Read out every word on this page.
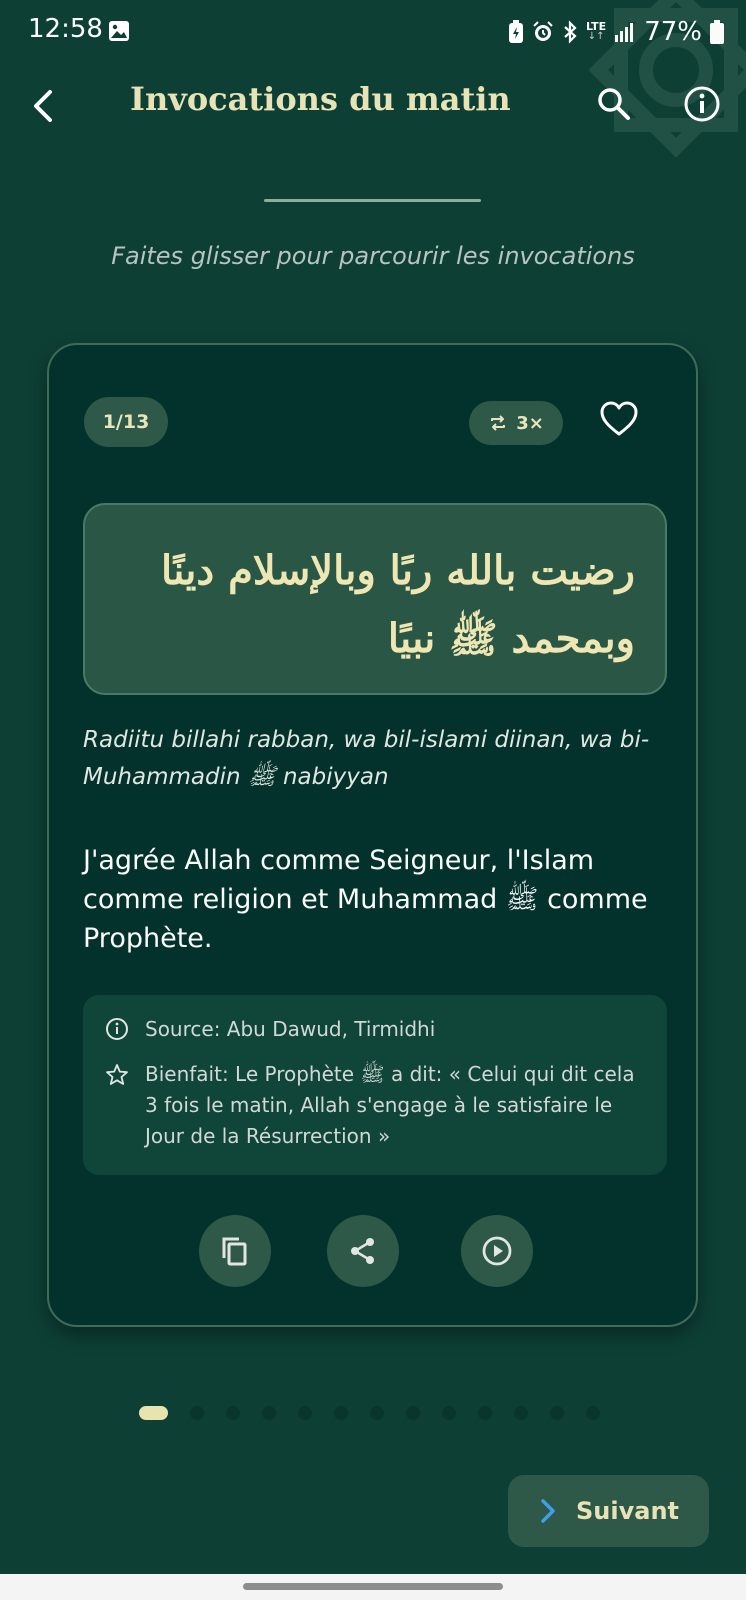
12:58	LTE
↓↑ 77%
Invocations du matin
Faites glisser pour parcourir les invocations
1/13	3×
رضيت بالله ربًا وبالإسلام دينًا وبمحمد ﷺ نبيًا
Radiitu billahi rabban, wa bil-islami diinan, wa bi-Muhammadin ﷺ nabiyyan
J'agrée Allah comme Seigneur, l'Islam comme religion et Muhammad ﷺ comme Prophète.
Source: Abu Dawud, Tirmidhi
Bienfait: Le Prophète ﷺ a dit: « Celui qui dit cela 3 fois le matin, Allah s'engage à le satisfaire le Jour de la Résurrection »
Suivant
